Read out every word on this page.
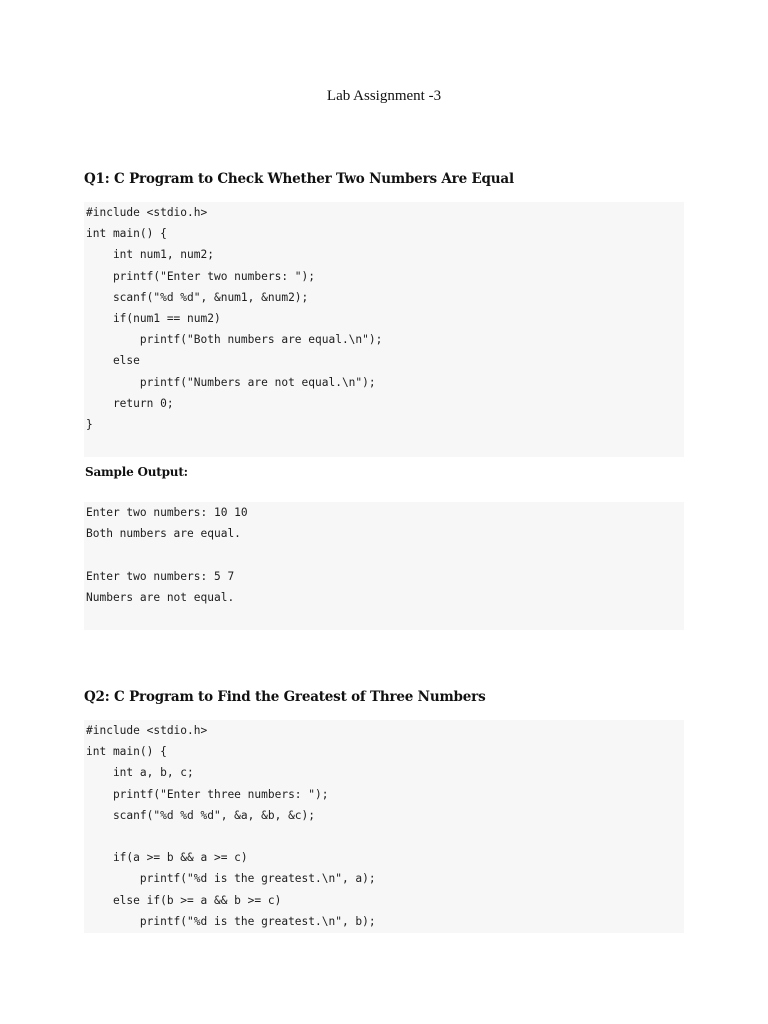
Lab Assignment -3
Q1: C Program to Check Whether Two Numbers Are Equal
#include <stdio.h>
int main() {
int num1, num2;
printf("Enter two numbers: ");
scanf("%d %d", &num1, &num2);
if(num1 == num2)
printf("Both numbers are equal.\n");
else
printf("Numbers are not equal.\n");
return 0;
}
Sample Output:
Enter two numbers: 10 10
Both numbers are equal.
Enter two numbers: 5 7
Numbers are not equal.
Q2: C Program to Find the Greatest of Three Numbers
#include <stdio.h>
int main() {
int a, b, c;
printf("Enter three numbers: ");
scanf("%d %d %d", &a, &b, &c);
if(a >= b && a >= c)
printf("%d is the greatest.\n", a);
else if(b >= a && b >= c)
printf("%d is the greatest.\n", b);
